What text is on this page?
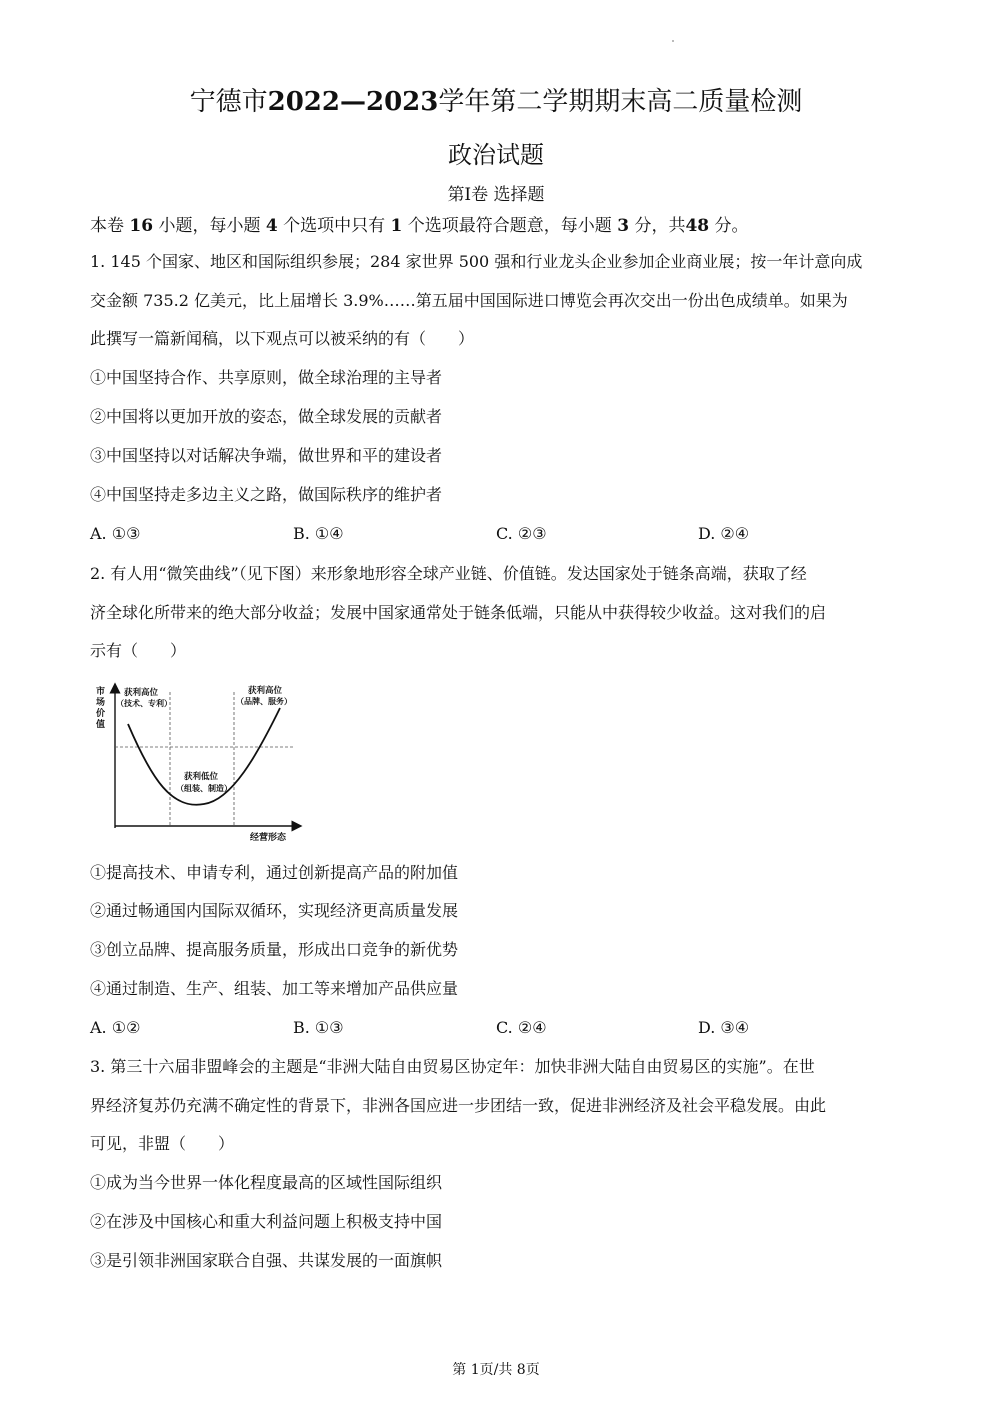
宁德市2022—2023学年第二学期期末高二质量检测
政治试题
第Ⅰ卷 选择题
本卷 16 小题，每小题 4 个选项中只有 1 个选项最符合题意，每小题 3 分，共48 分。
1. 145 个国家、地区和国际组织参展；284 家世界 500 强和行业龙头企业参加企业商业展；按一年计意向成
交金额 735.2 亿美元，比上届增长 3.9%……第五届中国国际进口博览会再次交出一份出色成绩单。如果为
此撰写一篇新闻稿，以下观点可以被采纳的有（　　）
①中国坚持合作、共享原则，做全球治理的主导者
②中国将以更加开放的姿态，做全球发展的贡献者
③中国坚持以对话解决争端，做世界和平的建设者
④中国坚持走多边主义之路，做国际秩序的维护者
A. ①③	B. ①④	C. ②③	D. ②④
2. 有人用“微笑曲线”（见下图）来形象地形容全球产业链、价值链。发达国家处于链条高端，获取了经
济全球化所带来的绝大部分收益；发展中国家通常处于链条低端，只能从中获得较少收益。这对我们的启
示有（　　）
市
场
价
值
获利高位
（技术、专利）
获利高位
（品牌、服务）
获利低位
（组装、制造）
经营形态
①提高技术、申请专利，通过创新提高产品的附加值
②通过畅通国内国际双循环，实现经济更高质量发展
③创立品牌、提高服务质量，形成出口竞争的新优势
④通过制造、生产、组装、加工等来增加产品供应量
A. ①②	B. ①③	C. ②④	D. ③④
3. 第三十六届非盟峰会的主题是“非洲大陆自由贸易区协定年：加快非洲大陆自由贸易区的实施”。在世
界经济复苏仍充满不确定性的背景下，非洲各国应进一步团结一致，促进非洲经济及社会平稳发展。由此
可见，非盟（　　）
①成为当今世界一体化程度最高的区域性国际组织
②在涉及中国核心和重大利益问题上积极支持中国
③是引领非洲国家联合自强、共谋发展的一面旗帜
第 1页/共 8页
